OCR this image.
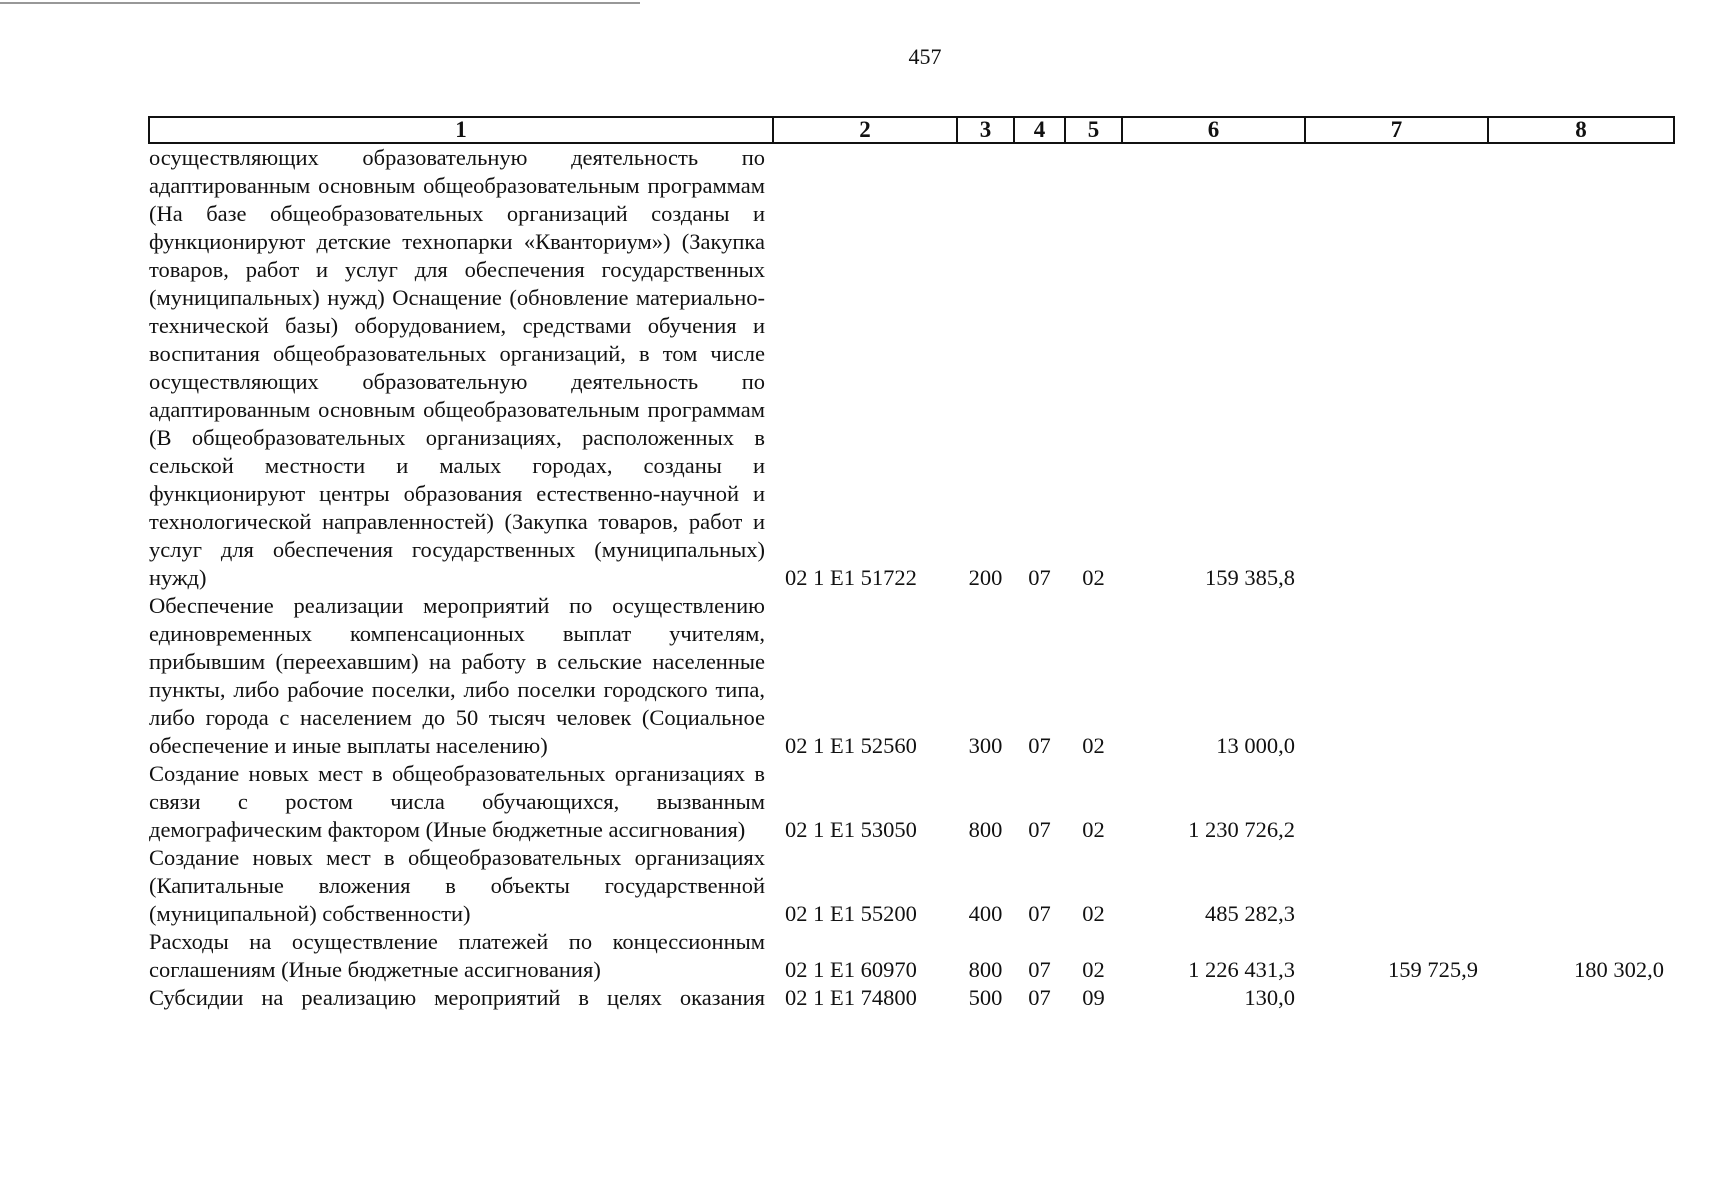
457
1	2	3	4	5	6	7	8
осуществляющих образовательную деятельность по адаптированным основным общеобразовательным программам (На базе общеобразовательных организаций созданы и функционируют детские технопарки «Кванториум») (Закупка товаров, работ и услуг для обеспечения государственных (муниципальных) нужд) Оснащение (обновление материально-технической базы) оборудованием, средствами обучения и воспитания общеобразовательных организаций, в том числе осуществляющих образовательную деятельность по адаптированным основным общеобразовательным программам (В общеобразовательных организациях, расположенных в сельской местности и малых городах, созданы и функционируют центры образования естественно-научной и технологической направленностей) (Закупка товаров, работ и услуг для обеспечения государственных (муниципальных) нужд)	02 1 E1 51722	200	07	02	159 385,8		
Обеспечение реализации мероприятий по осуществлению единовременных компенсационных выплат учителям, прибывшим (переехавшим) на работу в сельские населенные пункты, либо рабочие поселки, либо поселки городского типа, либо города с населением до 50 тысяч человек (Социальное обеспечение и иные выплаты населению)	02 1 E1 52560	300	07	02	13 000,0		
Создание новых мест в общеобразовательных организациях в связи с ростом числа обучающихся, вызванным демографическим фактором (Иные бюджетные ассигнования)	02 1 E1 53050	800	07	02	1 230 726,2		
Создание новых мест в общеобразовательных организациях (Капитальные вложения в объекты государственной (муниципальной) собственности)	02 1 E1 55200	400	07	02	485 282,3		
Расходы на осуществление платежей по концессионным соглашениям (Иные бюджетные ассигнования)	02 1 E1 60970	800	07	02	1 226 431,3	159 725,9	180 302,0
Субсидии на реализацию мероприятий в целях оказания	02 1 E1 74800	500	07	09	130,0		
